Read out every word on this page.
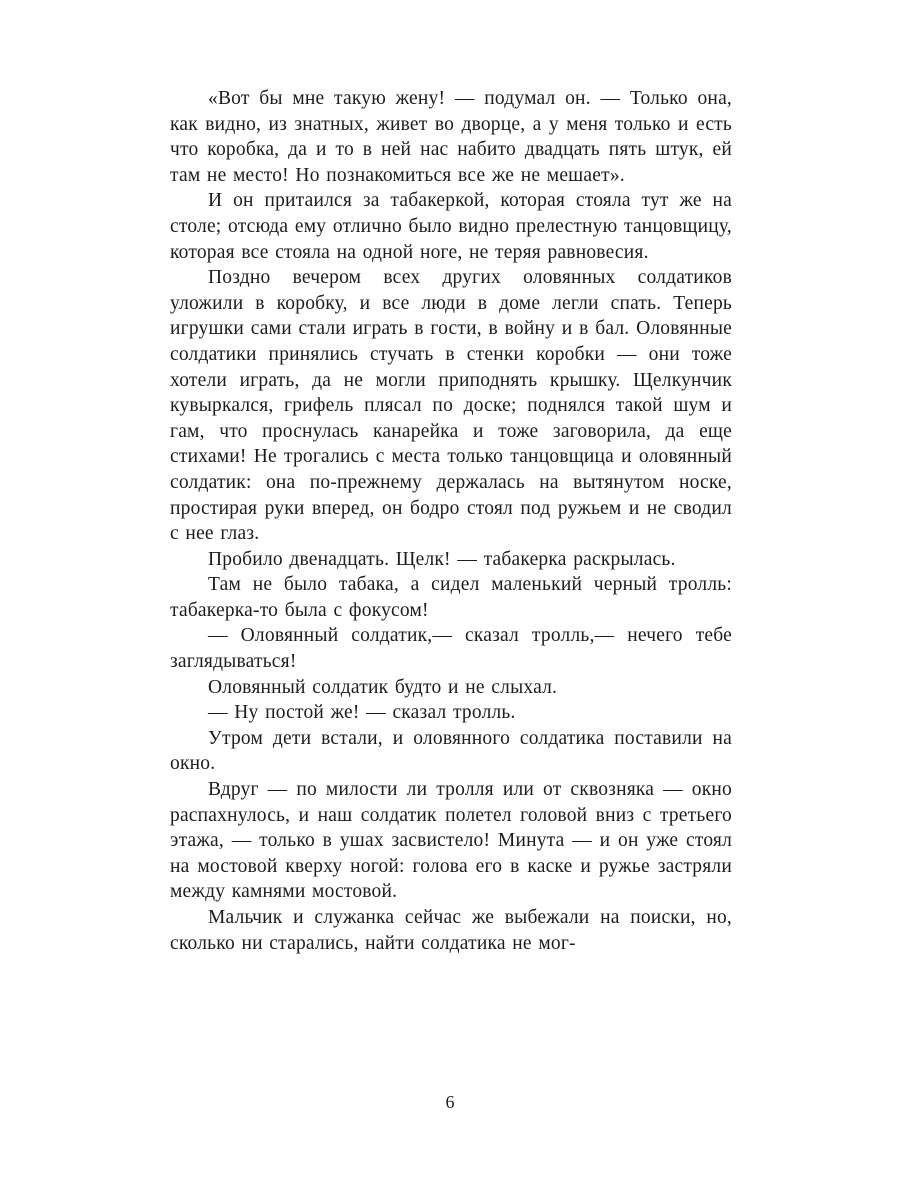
«Вот бы мне такую жену! — подумал он. — Только она, как видно, из знатных, живет во дворце, а у меня только и есть что коробка, да и то в ней нас набито двадцать пять штук, ей там не место! Но познакомиться все же не мешает».

И он притаился за табакеркой, которая стояла тут же на столе; отсюда ему отлично было видно прелестную танцовщицу, которая все стояла на одной ноге, не теряя равновесия.

Поздно вечером всех других оловянных солдатиков уложили в коробку, и все люди в доме легли спать. Теперь игрушки сами стали играть в гости, в войну и в бал. Оловянные солдатики принялись стучать в стенки коробки — они тоже хотели играть, да не могли приподнять крышку. Щелкунчик кувыркался, грифель плясал по доске; поднялся такой шум и гам, что проснулась канарейка и тоже заговорила, да еще стихами! Не трогались с места только танцовщица и оловянный солдатик: она по-прежнему держалась на вытянутом носке, простирая руки вперед, он бодро стоял под ружьем и не сводил с нее глаз.

Пробило двенадцать. Щелк! — табакерка раскрылась.

Там не было табака, а сидел маленький черный тролль: табакерка-то была с фокусом!

— Оловянный солдатик,— сказал тролль,— нечего тебе заглядываться!

Оловянный солдатик будто и не слыхал.

— Ну постой же! — сказал тролль.

Утром дети встали, и оловянного солдатика поставили на окно.

Вдруг — по милости ли тролля или от сквозняка — окно распахнулось, и наш солдатик полетел головой вниз с третьего этажа, — только в ушах засвистело! Минута — и он уже стоял на мостовой кверху ногой: голова его в каске и ружье застряли между камнями мостовой.

Мальчик и служанка сейчас же выбежали на поиски, но, сколько ни старались, найти солдатика не мог-

6
